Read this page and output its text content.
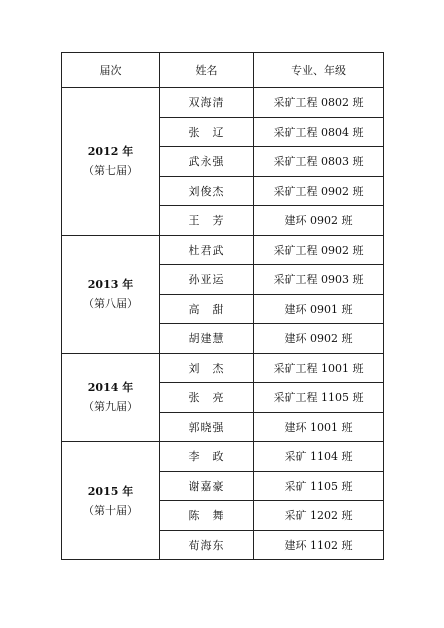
届次	姓名	专业、年级

2012 年
（第七届）	双海清	采矿工程 0802 班
	张　辽	采矿工程 0804 班
	武永强	采矿工程 0803 班
	刘俊杰	采矿工程 0902 班
	王　芳	建环 0902 班

2013 年
（第八届）	杜君武	采矿工程 0902 班
	孙亚运	采矿工程 0903 班
	高　甜	建环 0901 班
	胡建慧	建环 0902 班

2014 年
（第九届）	刘　杰	采矿工程 1001 班
	张　亮	采矿工程 1105 班
	郭晓强	建环 1001 班

2015 年
（第十届）	李　政	采矿 1104 班
	谢嘉豪	采矿 1105 班
	陈　舞	采矿 1202 班
	荀海东	建环 1102 班
